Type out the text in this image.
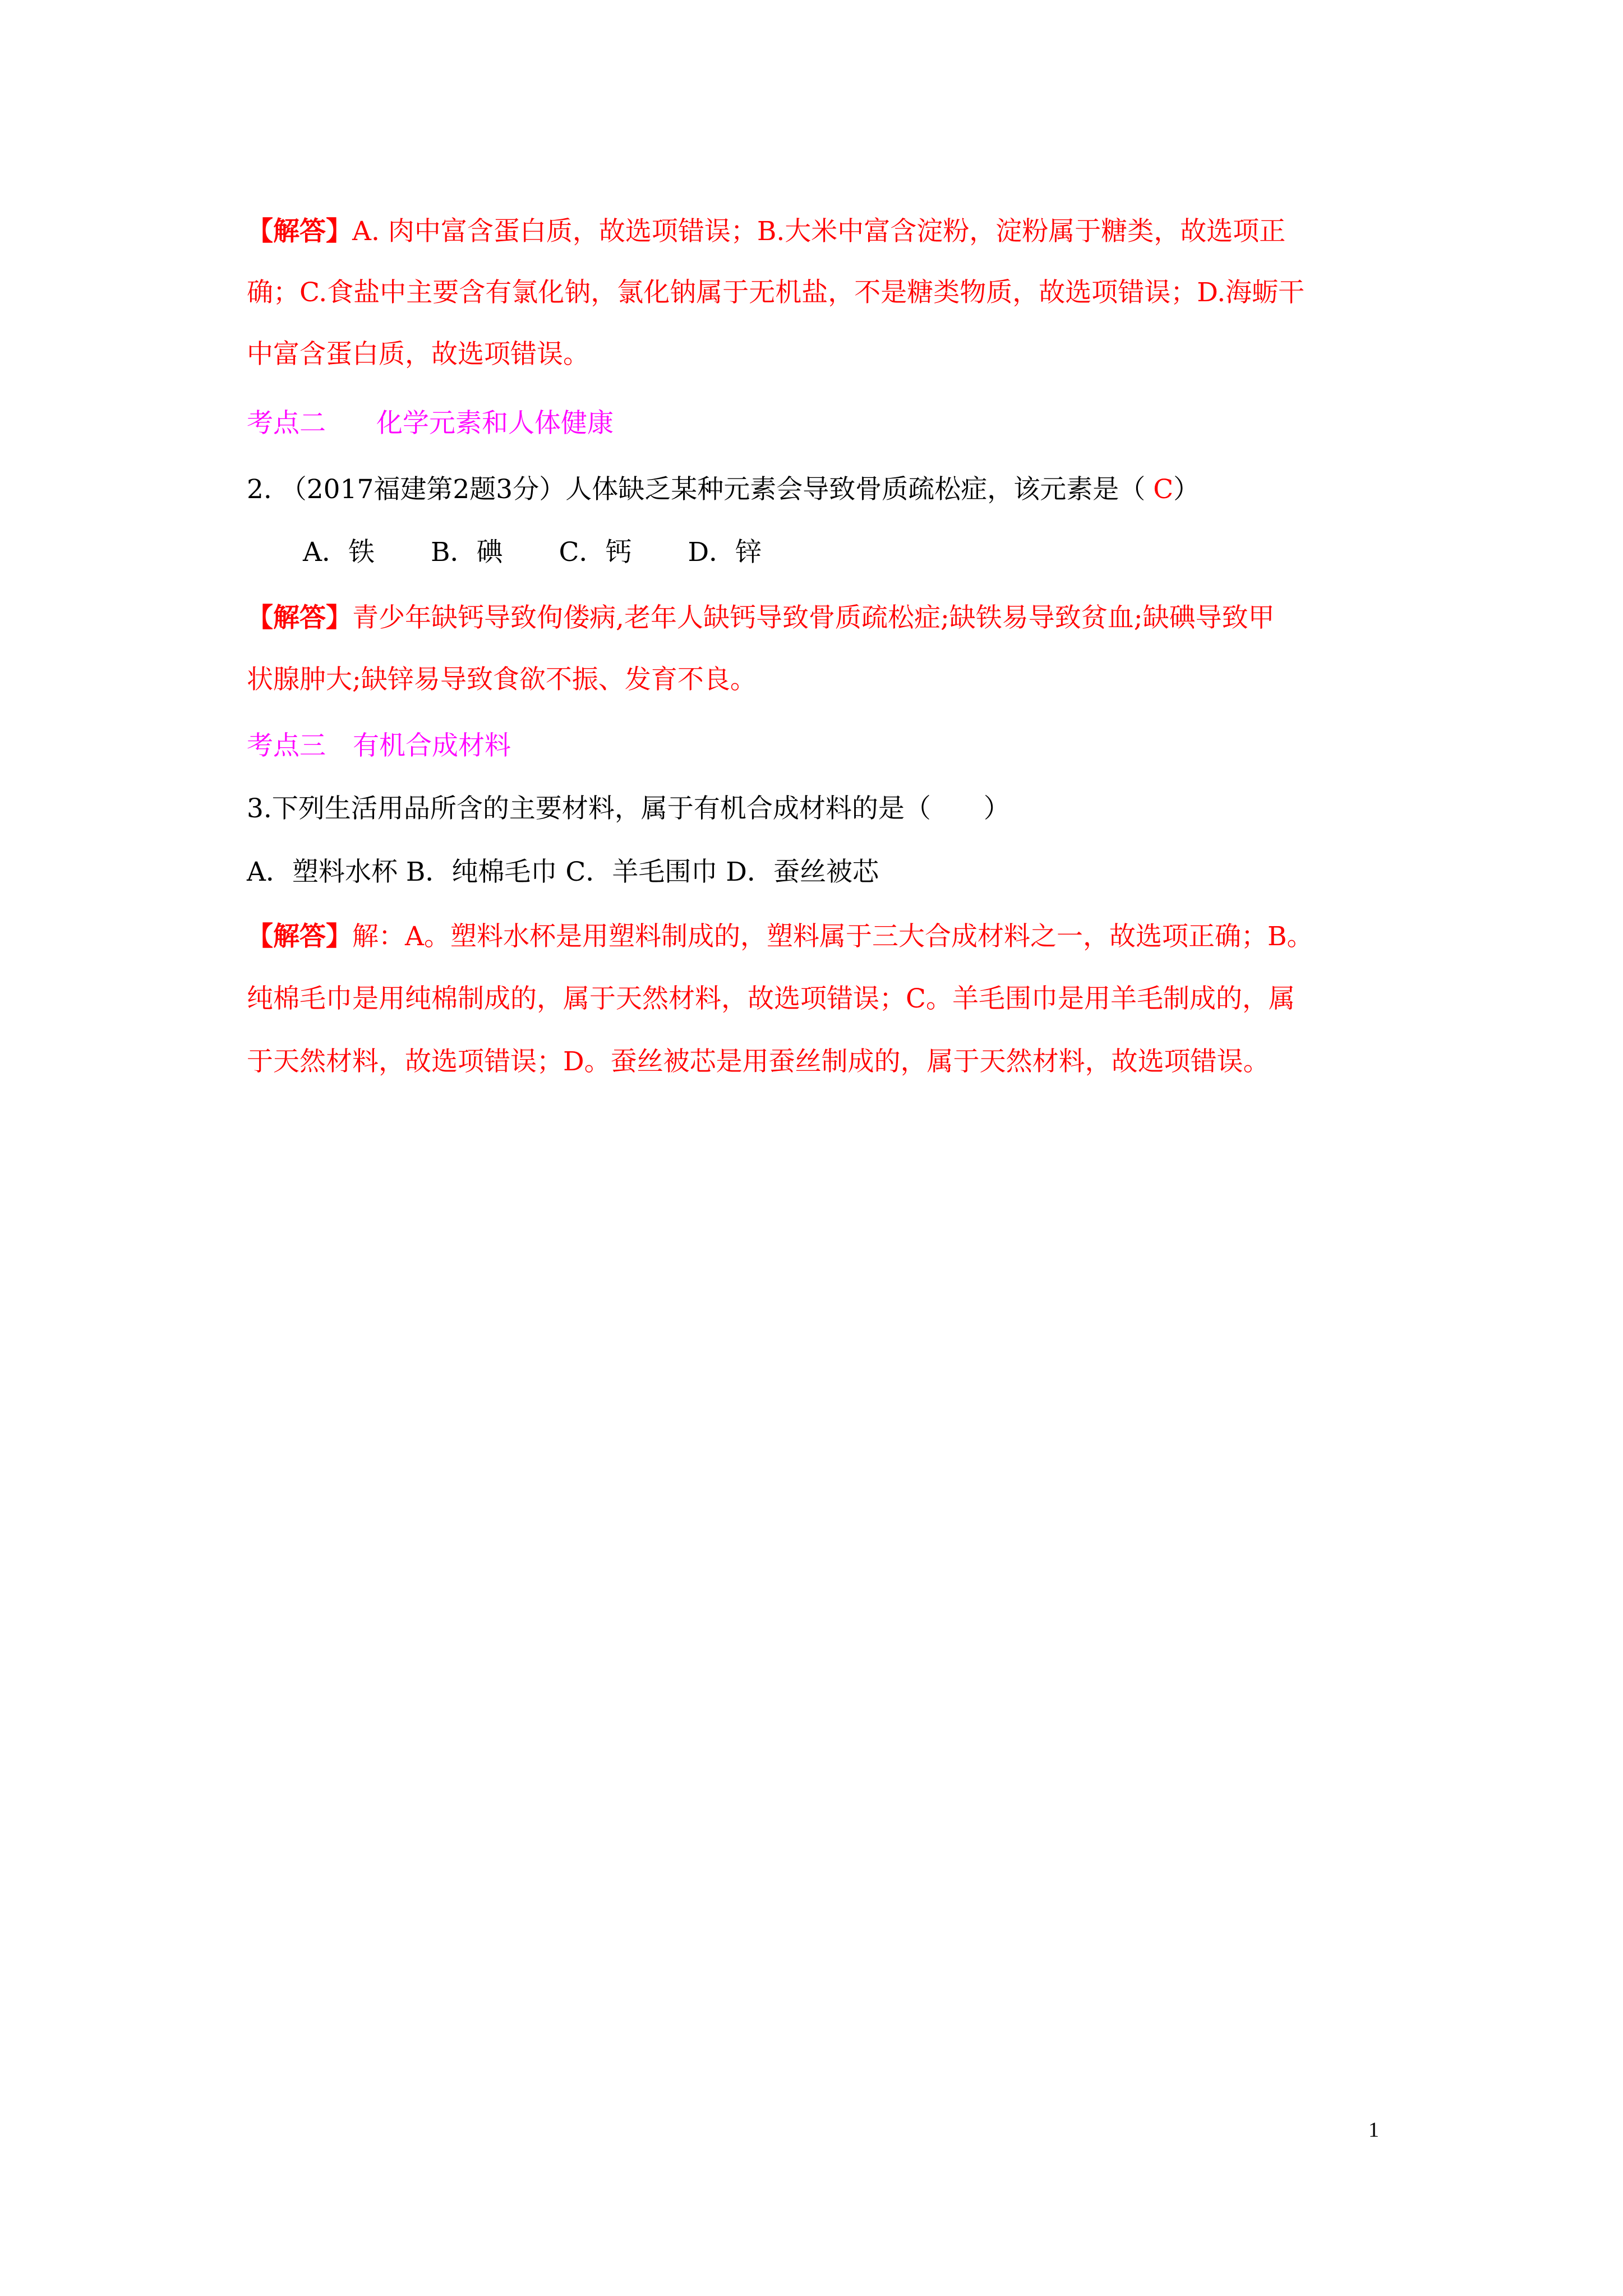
【解答】A. 肉中富含蛋白质，故选项错误；B.大米中富含淀粉，淀粉属于糖类，故选项正
确；C.食盐中主要含有氯化钠，氯化钠属于无机盐，不是糖类物质，故选项错误；D.海蛎干
中富含蛋白质，故选项错误。
考点二 化学元素和人体健康
2. （2017福建第2题3分）人体缺乏某种元素会导致骨质疏松症，该元素是（ C）
A．铁 B．碘 C．钙 D．锌
【解答】青少年缺钙导致佝偻病,老年人缺钙导致骨质疏松症;缺铁易导致贫血;缺碘导致甲
状腺肿大;缺锌易导致食欲不振、发育不良。
考点三 有机合成材料
3.下列生活用品所含的主要材料，属于有机合成材料的是（　　）
A．塑料水杯 B．纯棉毛巾 C．羊毛围巾 D．蚕丝被芯
【解答】解：A。塑料水杯是用塑料制成的，塑料属于三大合成材料之一，故选项正确；B。
纯棉毛巾是用纯棉制成的，属于天然材料，故选项错误；C。羊毛围巾是用羊毛制成的，属
于天然材料，故选项错误；D。蚕丝被芯是用蚕丝制成的，属于天然材料，故选项错误。
1
